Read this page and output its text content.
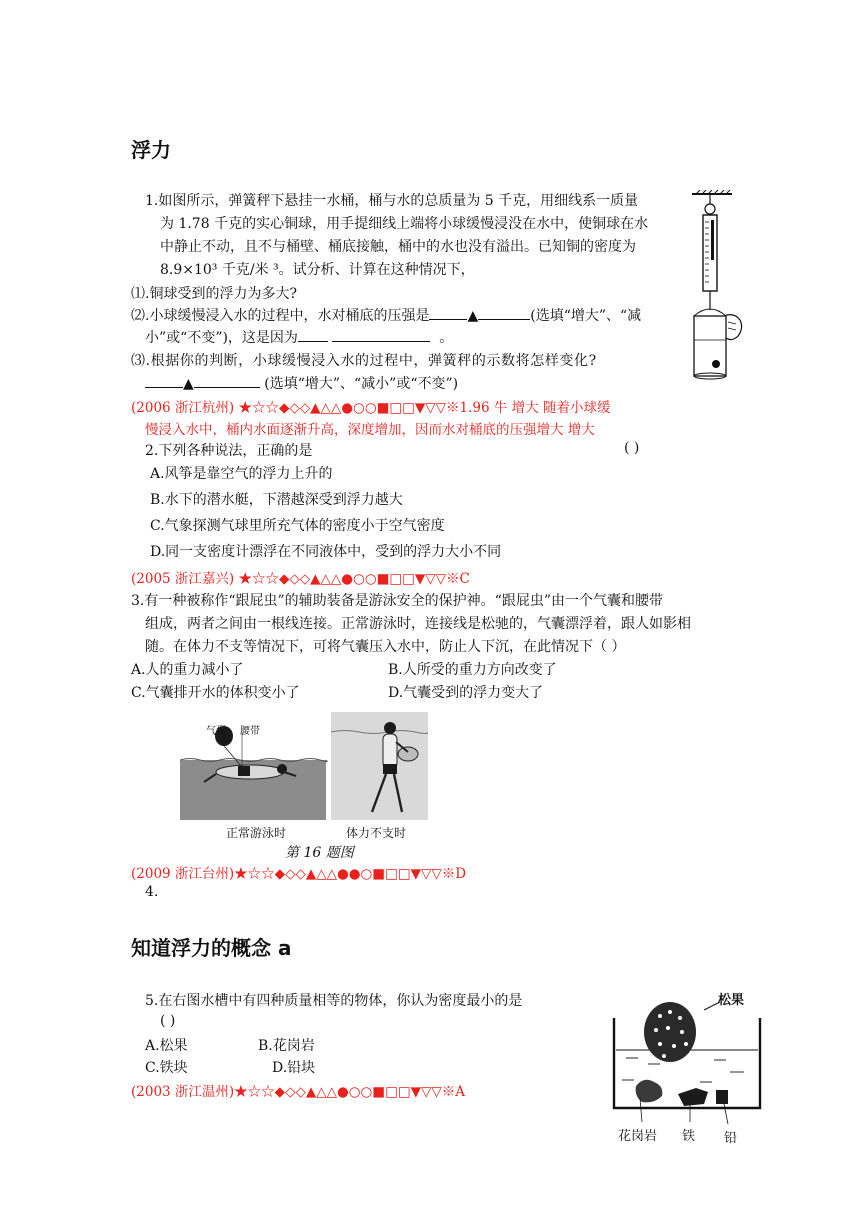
浮力
1.如图所示，弹簧秤下悬挂一水桶，桶与水的总质量为 5 千克，用细线系一质量
为 1.78 千克的实心铜球，用手提细线上端将小球缓慢浸没在水中，使铜球在水
中静止不动，且不与桶壁、桶底接触，桶中的水也没有溢出。已知铜的密度为
8.9×10³ 千克/米 ³。试分析、计算在这种情况下，
⑴.铜球受到的浮力为多大?
⑵.小球缓慢浸入水的过程中，水对桶底的压强是	▲	(选填“增大”、“减
小”或“不变”)，这是因为	。
⑶.根据你的判断，小球缓慢浸入水的过程中，弹簧秤的示数将怎样变化?
▲	(选填“增大”、“减小”或“不变”)
(2006 浙江杭州) ★☆☆◆◇◇▲△△●○○■□□▼▽▽※1.96 牛 增大 随着小球缓
慢浸入水中，桶内水面逐渐升高，深度增加，因而水对桶底的压强增大 增大
2.下列各种说法，正确的是	( )
A.风筝是靠空气的浮力上升的
B.水下的潜水艇，下潜越深受到浮力越大
C.气象探测气球里所充气体的密度小于空气密度
D.同一支密度计漂浮在不同液体中，受到的浮力大小不同
(2005 浙江嘉兴) ★☆☆◆◇◇▲△△●○○■□□▼▽▽※C
3.有一种被称作“跟屁虫”的辅助装备是游泳安全的保护神。“跟屁虫”由一个气囊和腰带
组成，两者之间由一根线连接。正常游泳时，连接线是松驰的，气囊漂浮着，跟人如影相
随。在体力不支等情况下，可将气囊压入水中，防止人下沉，在此情况下（ ）
A.人的重力减小了	B.人所受的重力方向改变了
C.气囊排开水的体积变小了	D.气囊受到的浮力变大了
气囊 腰带
正常游泳时	体力不支时
第 16 题图
(2009 浙江台州)★☆☆◆◇◇▲△△●●○■□□▼▽▽※D
4.
知道浮力的概念 a
5.在右图水槽中有四种质量相等的物体，你认为密度最小的是
( )
A.松果	B.花岗岩
C.铁块	D.铅块
(2003 浙江温州)★☆☆◆◇◇▲△△●○○■□□▼▽▽※A
松果
花岗岩 铁 铅
